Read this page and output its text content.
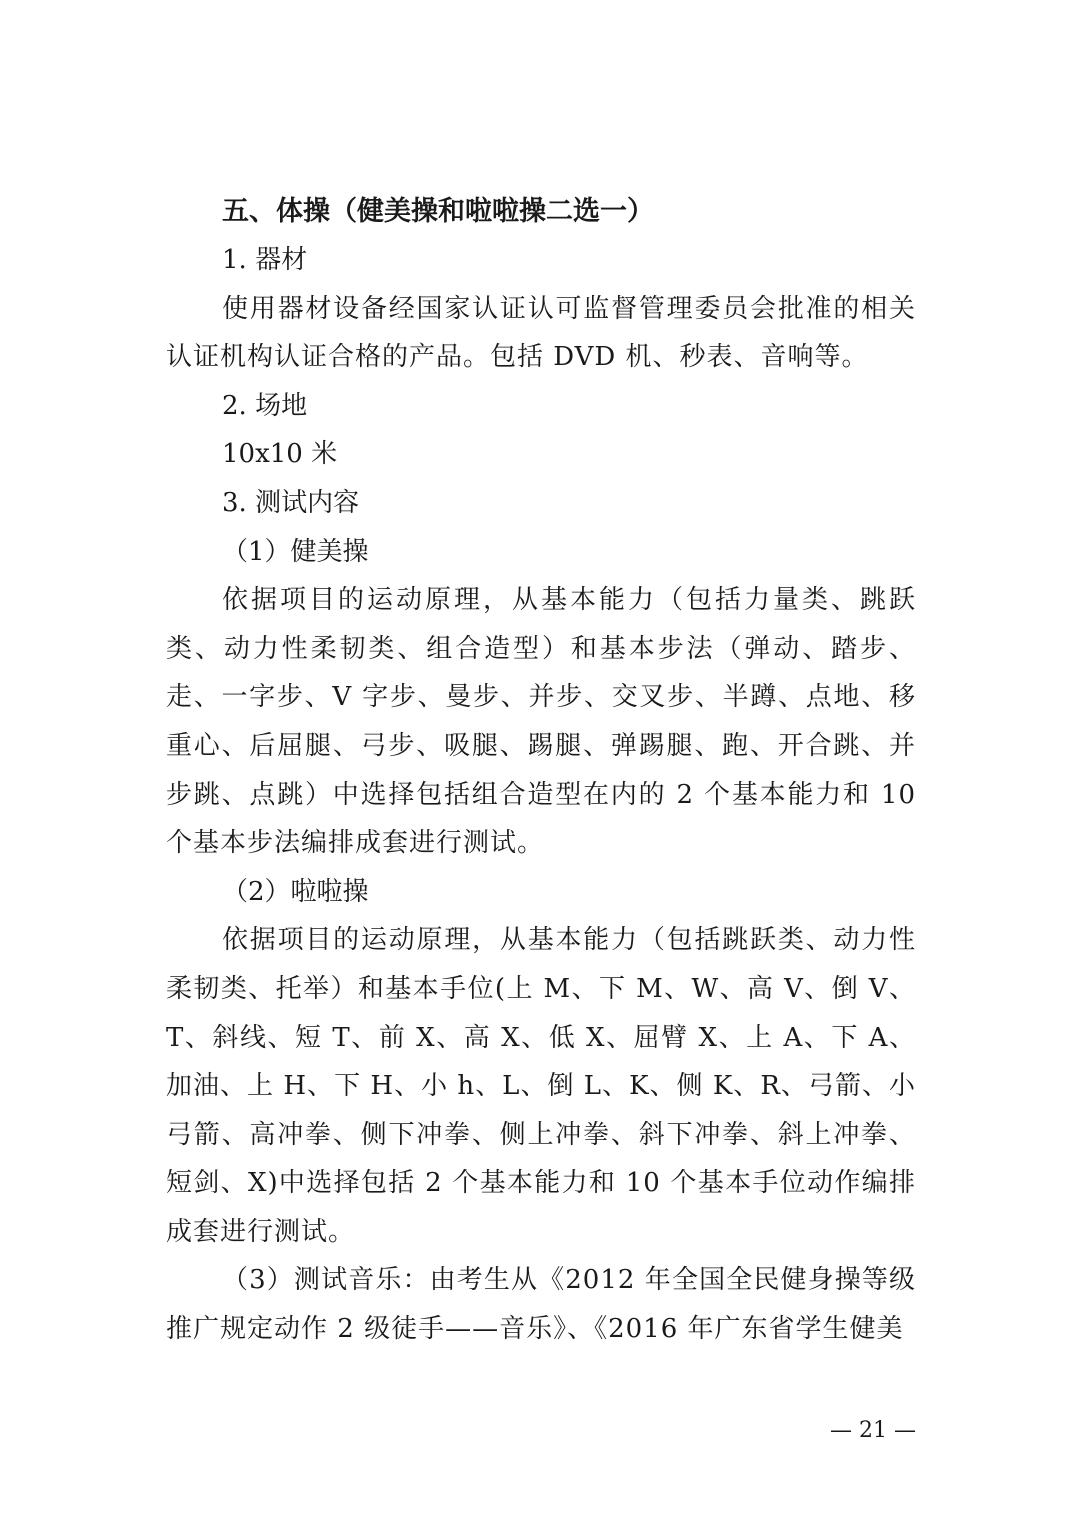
五、体操（健美操和啦啦操二选一）

1. 器材

使用器材设备经国家认证认可监督管理委员会批准的相关认证机构认证合格的产品。包括 DVD 机、秒表、音响等。

2. 场地

10x10 米

3. 测试内容

（1）健美操

依据项目的运动原理，从基本能力（包括力量类、跳跃类、动力性柔韧类、组合造型）和基本步法（弹动、踏步、走、一字步、V 字步、曼步、并步、交叉步、半蹲、点地、移重心、后屈腿、弓步、吸腿、踢腿、弹踢腿、跑、开合跳、并步跳、点跳）中选择包括组合造型在内的 2 个基本能力和 10 个基本步法编排成套进行测试。

（2）啦啦操

依据项目的运动原理，从基本能力（包括跳跃类、动力性柔韧类、托举）和基本手位(上 M、下 M、W、高 V、倒 V、T、斜线、短 T、前 X、高 X、低 X、屈臂 X、上 A、下 A、加油、上 H、下 H、小 h、L、倒 L、K、侧 K、R、弓箭、小弓箭、高冲拳、侧下冲拳、侧上冲拳、斜下冲拳、斜上冲拳、短剑、X)中选择包括 2 个基本能力和 10 个基本手位动作编排成套进行测试。

（3）测试音乐：由考生从《2012 年全国全民健身操等级推广规定动作 2 级徒手——音乐》、《2016 年广东省学生健美

— 21 —
